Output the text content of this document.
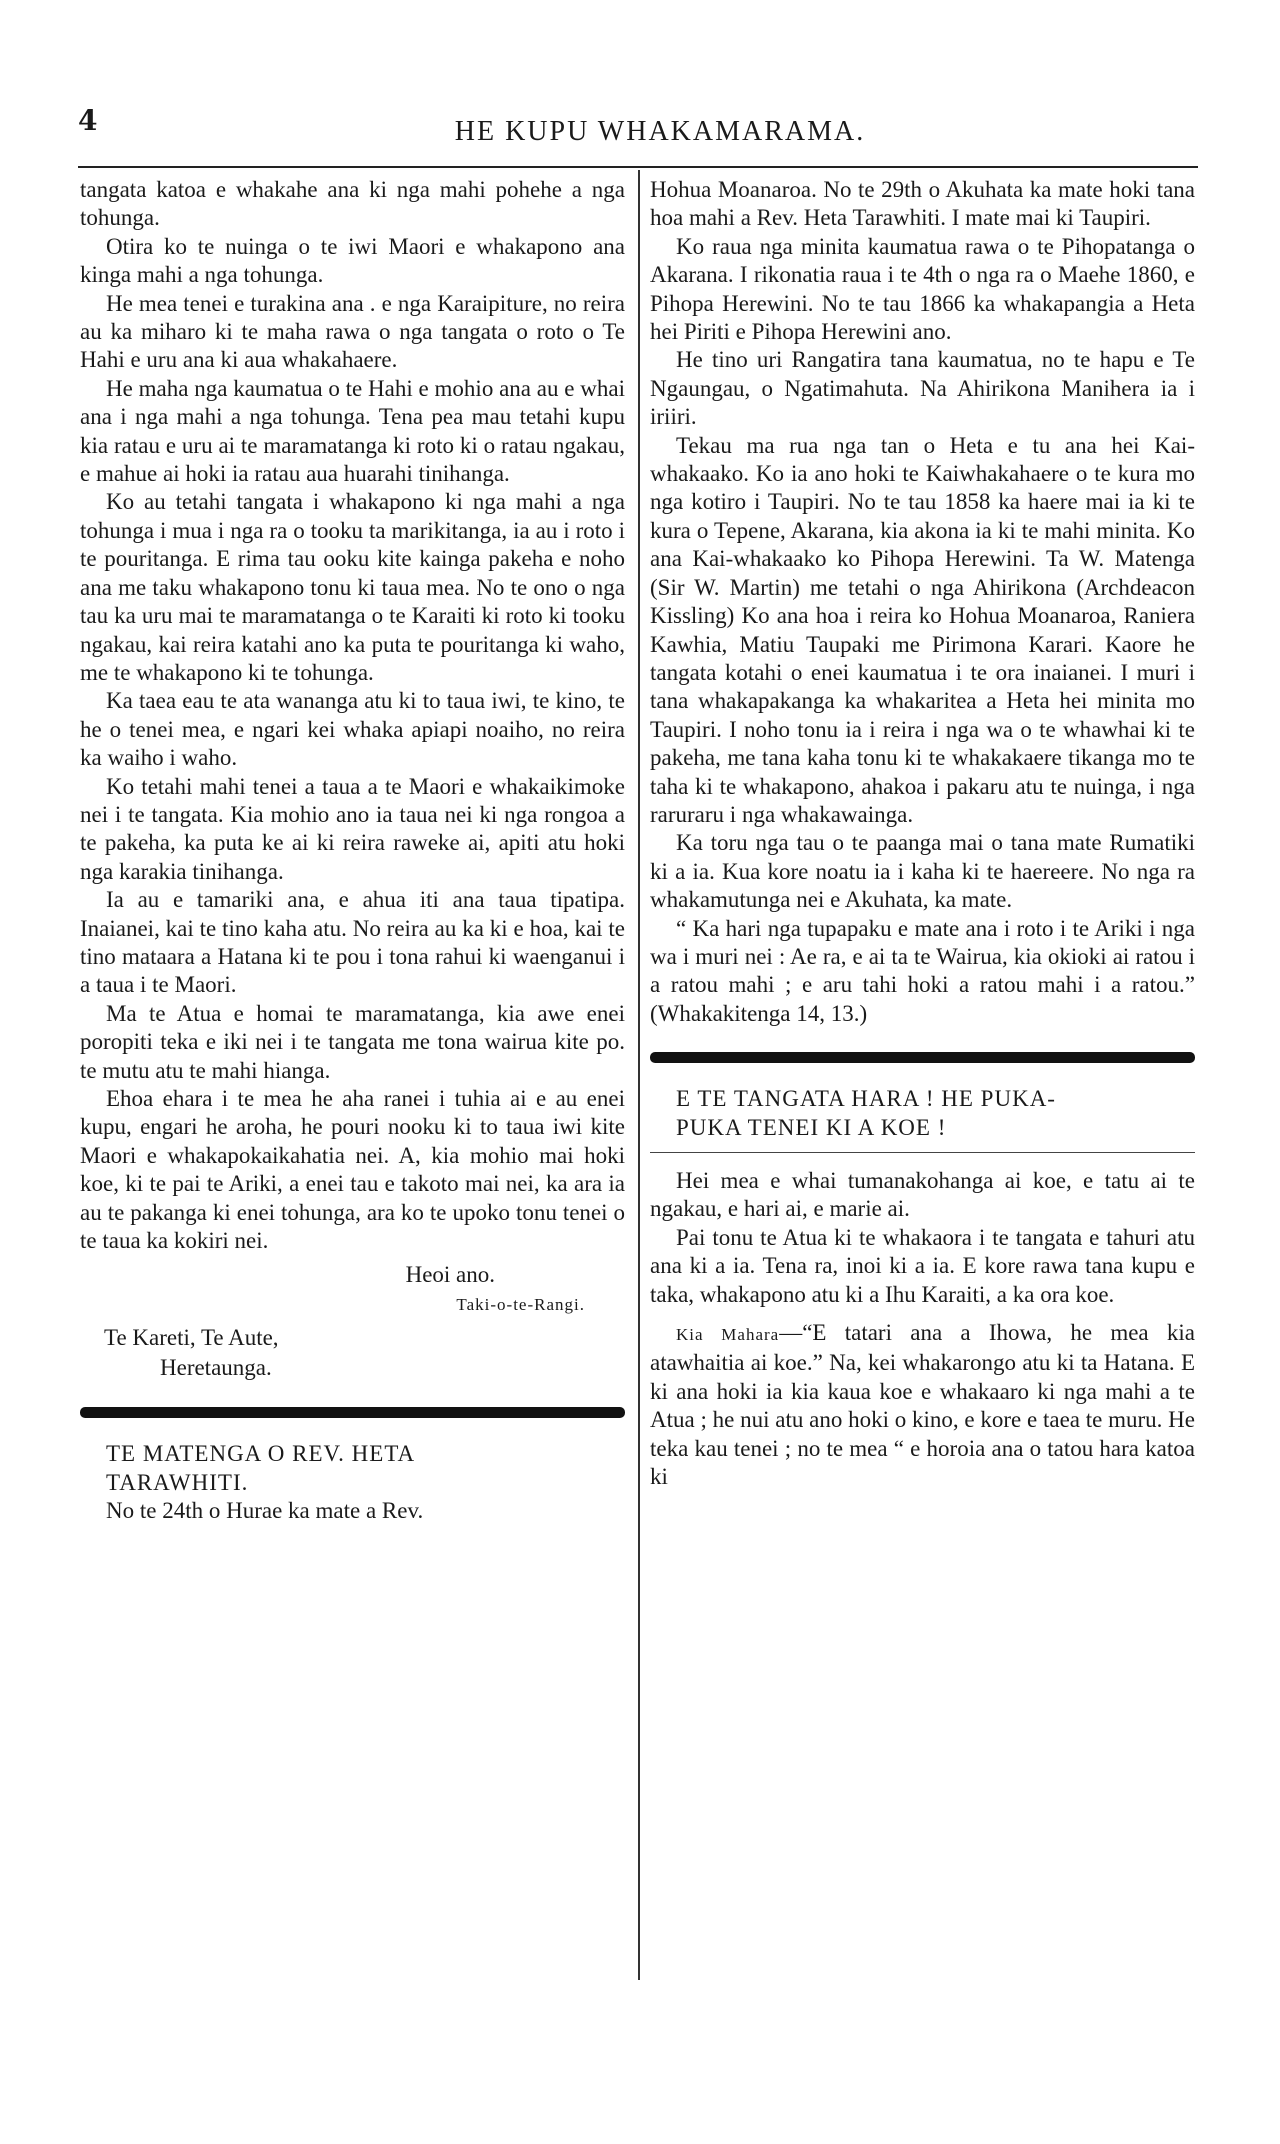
4	HE KUPU WHAKAMARAMA.

tangata katoa e whakahe ana ki nga mahi pohehe a nga tohunga.

Otira ko te nuinga o te iwi Maori e whakapono ana kinga mahi a nga tohunga.

He mea tenei e turakina ana . e nga Karaipiture, no reira au ka miharo ki te maha rawa o nga tangata o roto o Te Hahi e uru ana ki aua whakahaere.

He maha nga kaumatua o te Hahi e mohio ana au e whai ana i nga mahi a nga tohunga. Tena pea mau tetahi kupu kia ratau e uru ai te maramatanga ki roto ki o ratau ngakau, e mahue ai hoki ia ratau aua huarahi tinihanga.

Ko au tetahi tangata i whakapono ki nga mahi a nga tohunga i mua i nga ra o tooku ta marikitanga, ia au i roto i te pouritanga. E rima tau ooku kite kainga pakeha e noho ana me taku whakapono tonu ki taua mea. No te ono o nga tau ka uru mai te maramatanga o te Karaiti ki roto ki tooku ngakau, kai reira katahi ano ka puta te pouritanga ki waho, me te whakapono ki te tohunga.

Ka taea eau te ata wananga atu ki to taua iwi, te kino, te he o tenei mea, e ngari kei whaka apiapi noaiho, no reira ka waiho i waho.

Ko tetahi mahi tenei a taua a te Maori e whakaikimoke nei i te tangata. Kia mohio ano ia taua nei ki nga rongoa a te pakeha, ka puta ke ai ki reira raweke ai, apiti atu hoki nga karakia tinihanga.

Ia au e tamariki ana, e ahua iti ana taua tipatipa. Inaianei, kai te tino kaha atu. No reira au ka ki e hoa, kai te tino mataara a Hatana ki te pou i tona rahui ki waenganui i a taua i te Maori.

Ma te Atua e homai te maramatanga, kia awe enei poropiti teka e iki nei i te tangata me tona wairua kite po. te mutu atu te mahi hianga.

Ehoa ehara i te mea he aha ranei i tuhia ai e au enei kupu, engari he aroha, he pouri nooku ki to taua iwi kite Maori e whakapokaikahatia nei. A, kia mohio mai hoki koe, ki te pai te Ariki, a enei tau e takoto mai nei, ka ara ia au te pakanga ki enei tohunga, ara ko te upoko tonu tenei o te taua ka kokiri nei.

Heoi ano.
Taki-o-te-Rangi.
Te Kareti, Te Aute,
Heretaunga.

TE MATENGA O REV. HETA

TARAWHITI.

No te 24th o Hurae ka mate a Rev.

Hohua Moanaroa. No te 29th o Akuhata ka mate hoki tana hoa mahi a Rev. Heta Tarawhiti. I mate mai ki Taupiri.

Ko raua nga minita kaumatua rawa o te Pihopatanga o Akarana. I rikonatia raua i te 4th o nga ra o Maehe 1860, e Pihopa Herewini. No te tau 1866 ka whakapangia a Heta hei Piriti e Pihopa Herewini ano.

He tino uri Rangatira tana kaumatua, no te hapu e Te Ngaungau, o Ngatimahuta. Na Ahirikona Manihera ia i iriiri.

Tekau ma rua nga tan o Heta e tu ana hei Kai-whakaako. Ko ia ano hoki te Kaiwhakahaere o te kura mo nga kotiro i Taupiri. No te tau 1858 ka haere mai ia ki te kura o Tepene, Akarana, kia akona ia ki te mahi minita. Ko ana Kai-whakaako ko Pihopa Herewini. Ta W. Matenga (Sir W. Martin) me tetahi o nga Ahirikona (Archdeacon Kissling) Ko ana hoa i reira ko Hohua Moanaroa, Raniera Kawhia, Matiu Taupaki me Pirimona Karari. Kaore he tangata kotahi o enei kaumatua i te ora inaianei. I muri i tana whakapakanga ka whakaritea a Heta hei minita mo Taupiri. I noho tonu ia i reira i nga wa o te whawhai ki te pakeha, me tana kaha tonu ki te whakakaere tikanga mo te taha ki te whakapono, ahakoa i pakaru atu te nuinga, i nga raruraru i nga whakawainga.

Ka toru nga tau o te paanga mai o tana mate Rumatiki ki a ia. Kua kore noatu ia i kaha ki te haereere. No nga ra whakamutunga nei e Akuhata, ka mate.

“ Ka hari nga tupapaku e mate ana i roto i te Ariki i nga wa i muri nei : Ae ra, e ai ta te Wairua, kia okioki ai ratou i a ratou mahi ; e aru tahi hoki a ratou mahi i a ratou.” (Whakakitenga 14, 13.)

E TE TANGATA HARA ! HE PUKA-

PUKA TENEI KI A KOE !

Hei mea e whai tumanakohanga ai koe, e tatu ai te ngakau, e hari ai, e marie ai.

Pai tonu te Atua ki te whakaora i te tangata e tahuri atu ana ki a ia. Tena ra, inoi ki a ia. E kore rawa tana kupu e taka, whakapono atu ki a Ihu Karaiti, a ka ora koe.

Kia Mahara—“E tatari ana a Ihowa, he mea kia atawhaitia ai koe.” Na, kei whakarongo atu ki ta Hatana. E ki ana hoki ia kia kaua koe e whakaaro ki nga mahi a te Atua ; he nui atu ano hoki o kino, e kore e taea te muru. He teka kau tenei ; no te mea “ e horoia ana o tatou hara katoa ki
